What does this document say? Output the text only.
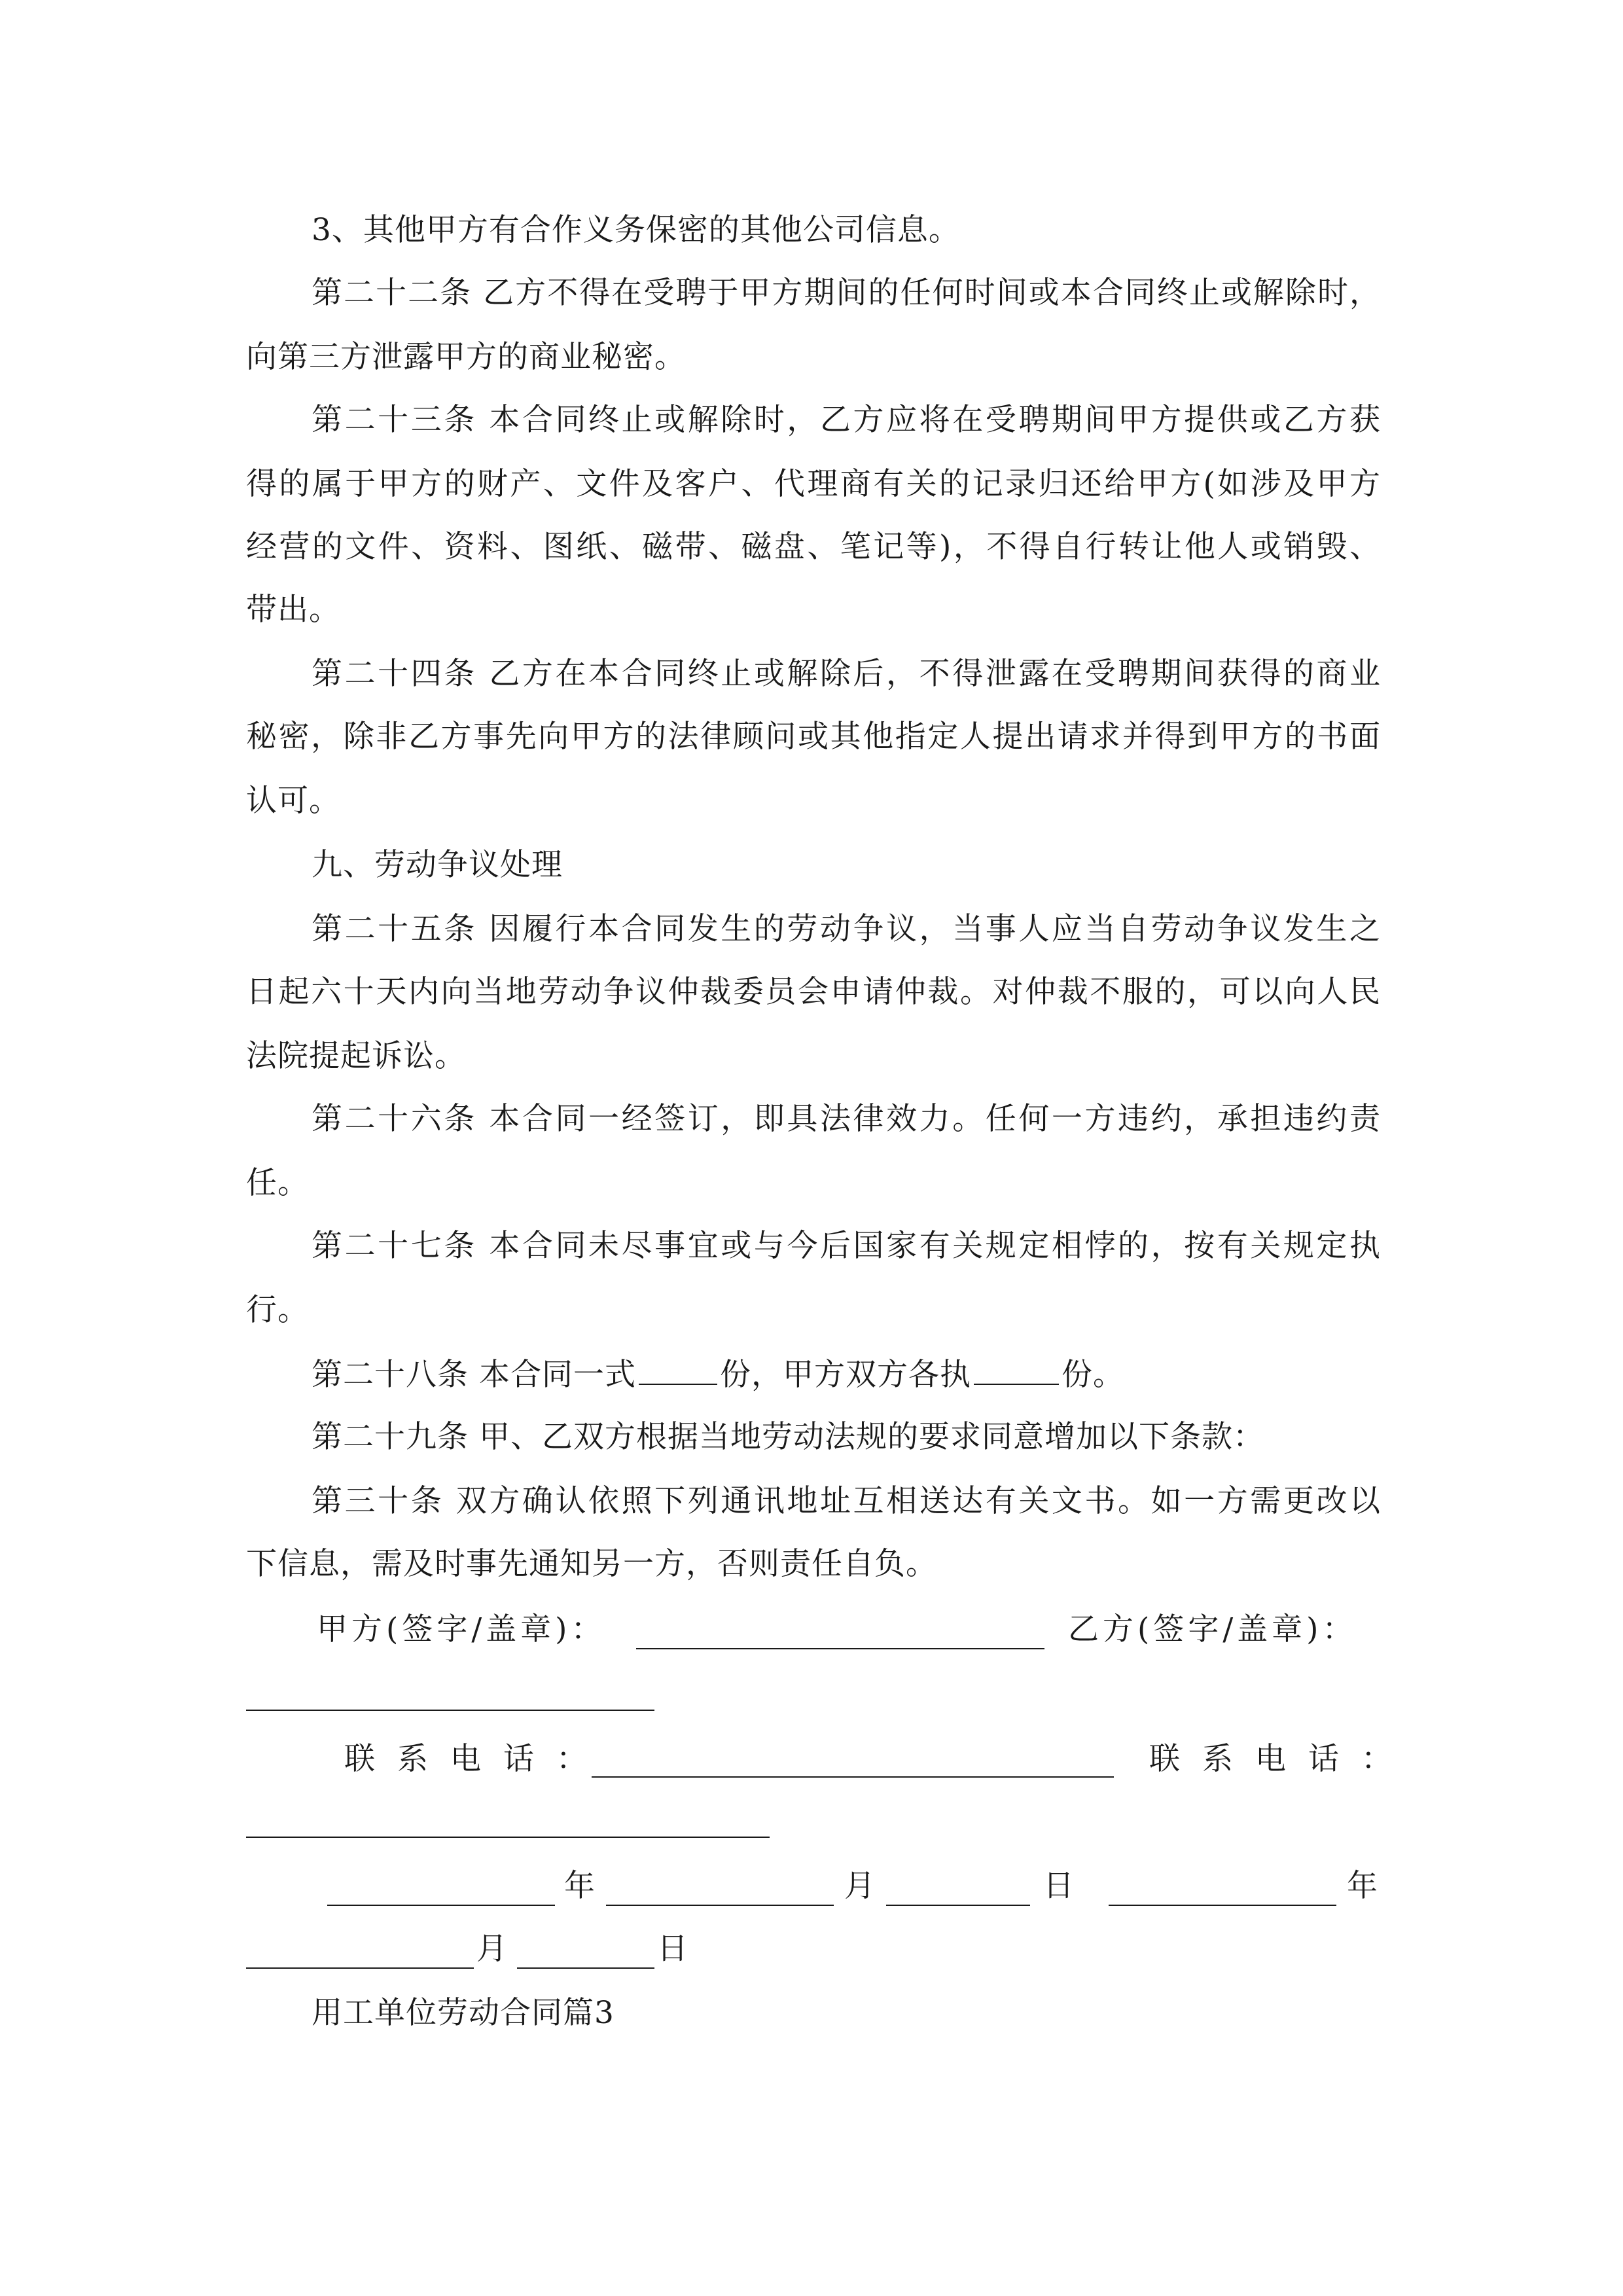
3、其他甲方有合作义务保密的其他公司信息。
第二十二条 乙方不得在受聘于甲方期间的任何时间或本合同终止或解除时，
向第三方泄露甲方的商业秘密。
第二十三条 本合同终止或解除时，乙方应将在受聘期间甲方提供或乙方获
得的属于甲方的财产、文件及客户、代理商有关的记录归还给甲方(如涉及甲方
经营的文件、资料、图纸、磁带、磁盘、笔记等)，不得自行转让他人或销毁、
带出。
第二十四条 乙方在本合同终止或解除后，不得泄露在受聘期间获得的商业
秘密，除非乙方事先向甲方的法律顾问或其他指定人提出请求并得到甲方的书面
认可。
九、劳动争议处理
第二十五条 因履行本合同发生的劳动争议，当事人应当自劳动争议发生之
日起六十天内向当地劳动争议仲裁委员会申请仲裁。对仲裁不服的，可以向人民
法院提起诉讼。
第二十六条 本合同一经签订，即具法律效力。任何一方违约，承担违约责
任。
第二十七条 本合同未尽事宜或与今后国家有关规定相悖的，按有关规定执
行。
第二十八条 本合同一式	份，甲方双方各执	份。
第二十九条 甲、乙双方根据当地劳动法规的要求同意增加以下条款：
第三十条 双方确认依照下列通讯地址互相送达有关文书。如一方需更改以
下信息，需及时事先通知另一方，否则责任自负。
甲方(签字/盖章)：	乙方(签字/盖章)：
联系电话：	联系电话：
年	月	日	年
月	日
用工单位劳动合同篇3
